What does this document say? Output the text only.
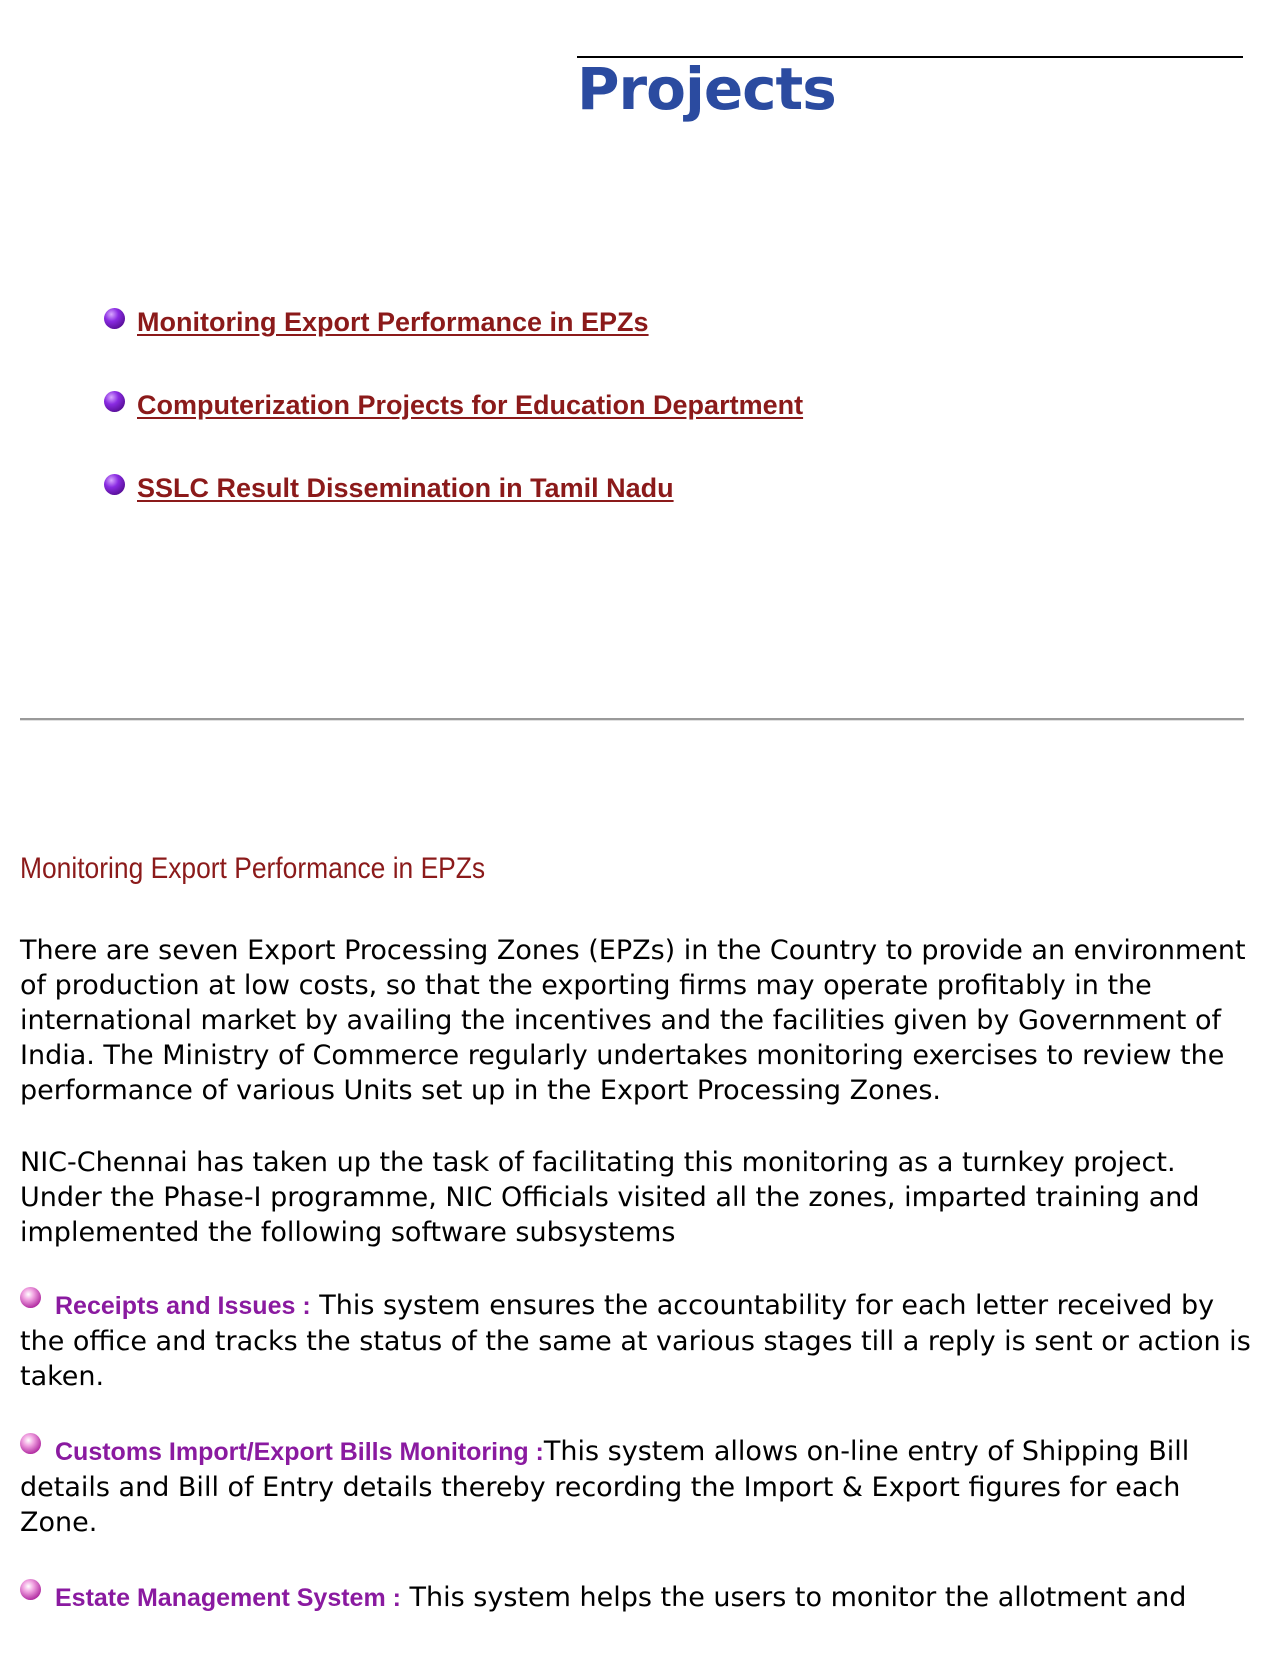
Projects
Monitoring Export Performance in EPZs
Computerization Projects for Education Department
SSLC Result Dissemination in Tamil Nadu
Monitoring Export Performance in EPZs

There are seven Export Processing Zones (EPZs) in the Country to provide an environment of production at low costs, so that the exporting firms may operate profitably in the international market by availing the incentives and the facilities given by Government of India. The Ministry of Commerce regularly undertakes monitoring exercises to review the performance of various Units set up in the Export Processing Zones.

NIC-Chennai has taken up the task of facilitating this monitoring as a turnkey project. Under the Phase-I programme, NIC Officials visited all the zones, imparted training and implemented the following software subsystems

Receipts and Issues : This system ensures the accountability for each letter received by the office and tracks the status of the same at various stages till a reply is sent or action is taken.

Customs Import/Export Bills Monitoring :This system allows on-line entry of Shipping Bill details and Bill of Entry details thereby recording the Import & Export figures for each Zone.

Estate Management System : This system helps the users to monitor the allotment and
